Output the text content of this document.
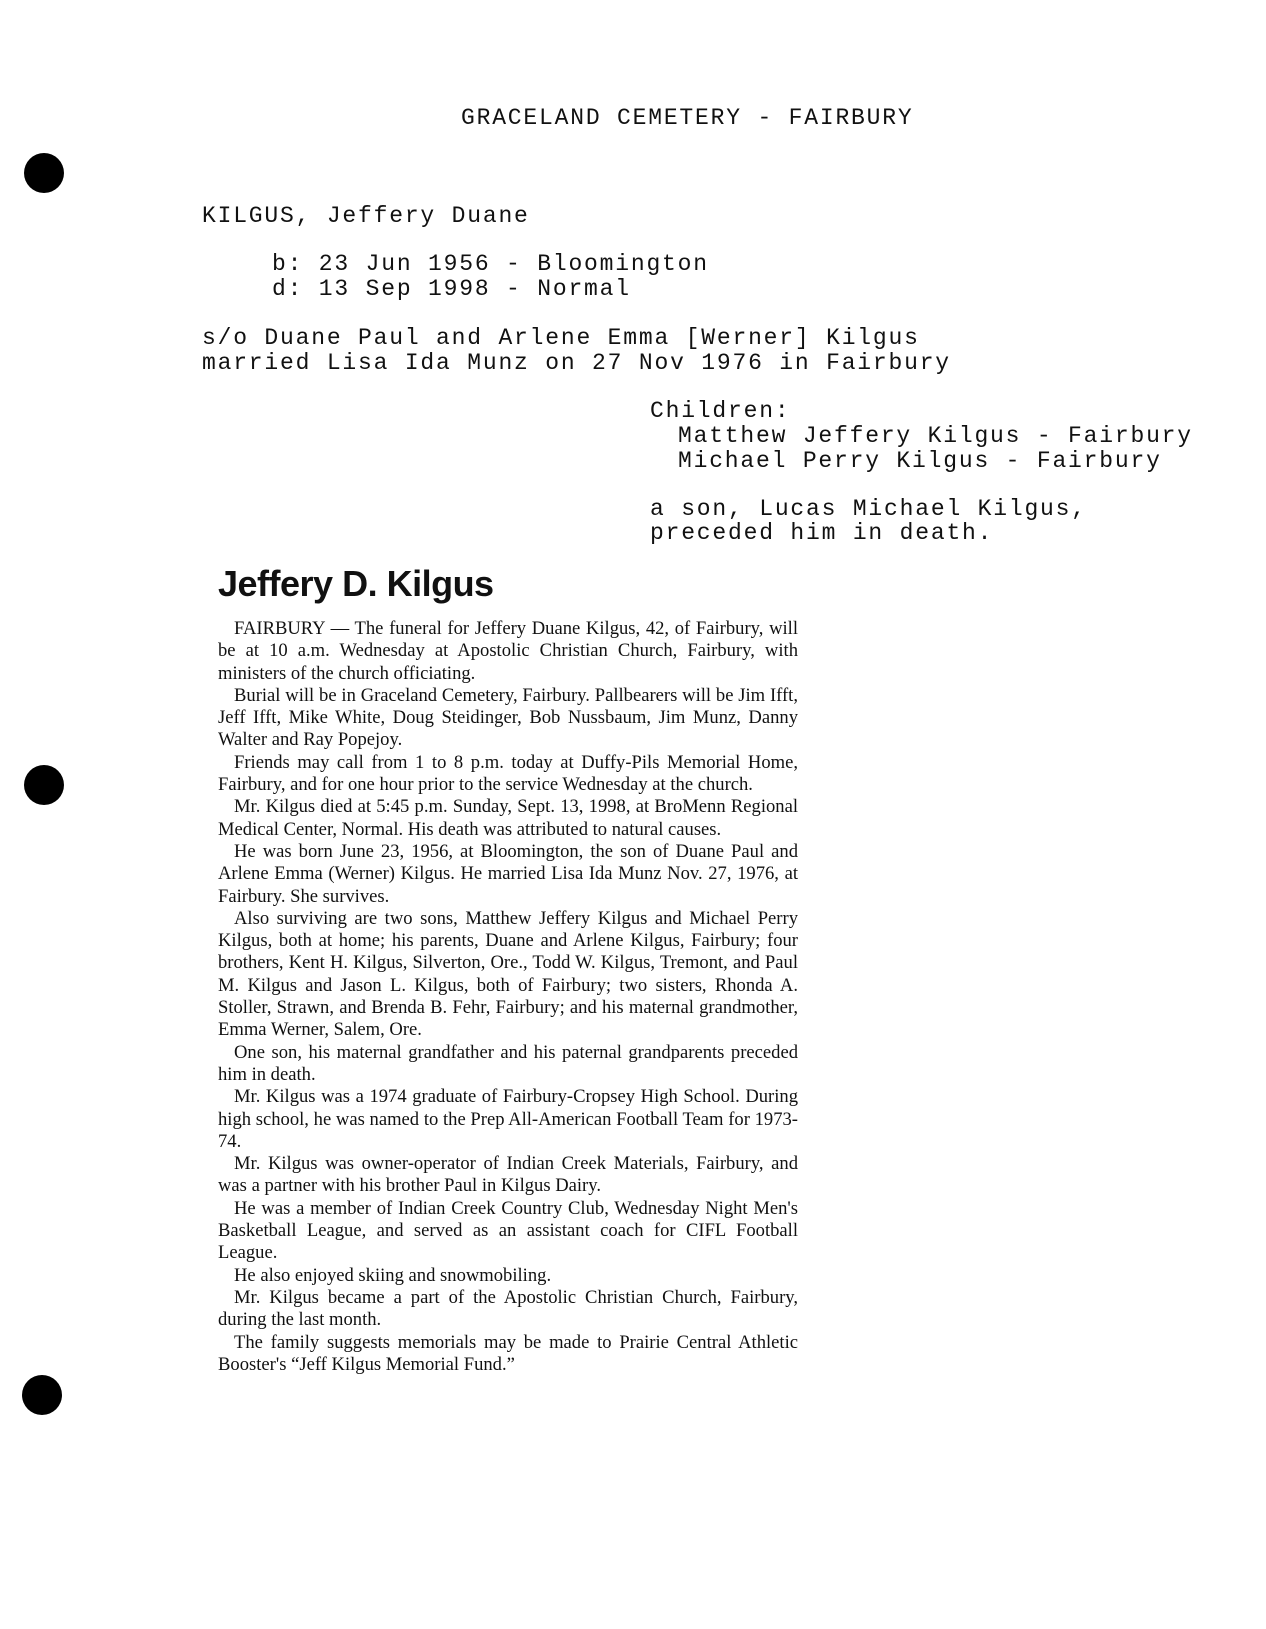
GRACELAND CEMETERY - FAIRBURY

KILGUS, Jeffery Duane

b: 23 Jun 1956 - Bloomington

d: 13 Sep 1998 - Normal

s/o Duane Paul and Arlene Emma [Werner] Kilgus

married Lisa Ida Munz on 27 Nov 1976 in Fairbury

Children:

Matthew Jeffery Kilgus - Fairbury

Michael Perry Kilgus - Fairbury

a son, Lucas Michael Kilgus,

preceded him in death.

Jeffery D. Kilgus

FAIRBURY — The funeral for Jeffery Duane Kilgus, 42, of Fairbury, will be at 10 a.m. Wednesday at Apostolic Christian Church, Fairbury, with ministers of the church officiating.

Burial will be in Graceland Cemetery, Fairbury. Pallbearers will be Jim Ifft, Jeff Ifft, Mike White, Doug Steidinger, Bob Nussbaum, Jim Munz, Danny Walter and Ray Popejoy.

Friends may call from 1 to 8 p.m. today at Duffy-Pils Memorial Home, Fairbury, and for one hour prior to the service Wednesday at the church.

Mr. Kilgus died at 5:45 p.m. Sunday, Sept. 13, 1998, at BroMenn Regional Medical Center, Normal. His death was attributed to natural causes.

He was born June 23, 1956, at Bloomington, the son of Duane Paul and Arlene Emma (Werner) Kilgus. He married Lisa Ida Munz Nov. 27, 1976, at Fairbury. She survives.

Also surviving are two sons, Matthew Jeffery Kilgus and Michael Perry Kilgus, both at home; his parents, Duane and Arlene Kilgus, Fairbury; four brothers, Kent H. Kilgus, Silverton, Ore., Todd W. Kilgus, Tremont, and Paul M. Kilgus and Jason L. Kilgus, both of Fairbury; two sisters, Rhonda A. Stoller, Strawn, and Brenda B. Fehr, Fairbury; and his maternal grandmother, Emma Werner, Salem, Ore.

One son, his maternal grandfather and his paternal grandparents preceded him in death.

Mr. Kilgus was a 1974 graduate of Fairbury-Cropsey High School. During high school, he was named to the Prep All-American Football Team for 1973-74.

Mr. Kilgus was owner-operator of Indian Creek Materials, Fairbury, and was a partner with his brother Paul in Kilgus Dairy.

He was a member of Indian Creek Country Club, Wednesday Night Men's Basketball League, and served as an assistant coach for CIFL Football League.

He also enjoyed skiing and snowmobiling.

Mr. Kilgus became a part of the Apostolic Christian Church, Fairbury, during the last month.

The family suggests memorials may be made to Prairie Central Athletic Booster's “Jeff Kilgus Memorial Fund.”
